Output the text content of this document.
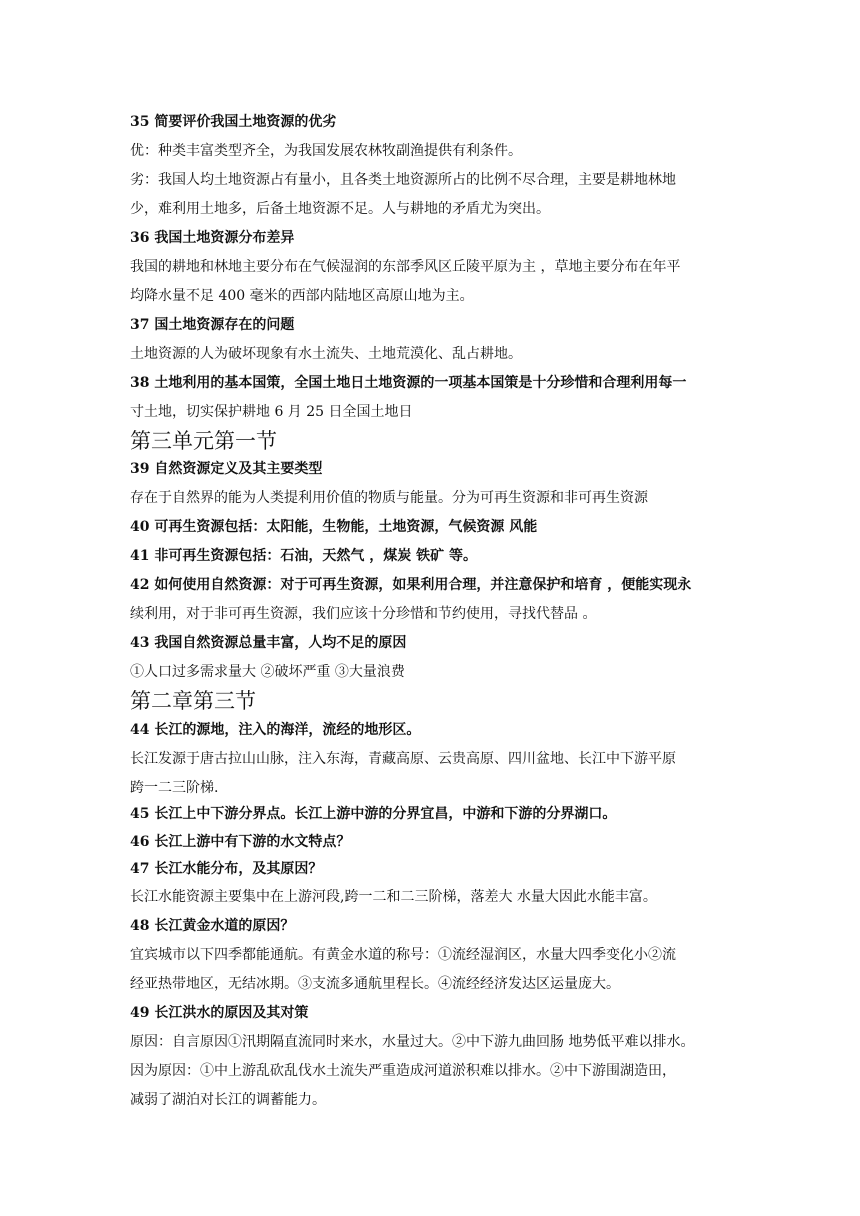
35 简要评价我国土地资源的优劣
优：种类丰富类型齐全，为我国发展农林牧副渔提供有利条件。
劣：我国人均土地资源占有量小，且各类土地资源所占的比例不尽合理，主要是耕地林地
少，难利用土地多，后备土地资源不足。人与耕地的矛盾尤为突出。
36 我国土地资源分布差异
我国的耕地和林地主要分布在气候湿润的东部季风区丘陵平原为主 ，草地主要分布在年平
均降水量不足 400 毫米的西部内陆地区高原山地为主。
37 国土地资源存在的问题
土地资源的人为破坏现象有水土流失、土地荒漠化、乱占耕地。
38 土地利用的基本国策，全国土地日土地资源的一项基本国策是十分珍惜和合理利用每一
寸土地，切实保护耕地 6 月 25 日全国土地日
第三单元第一节
39 自然资源定义及其主要类型
存在于自然界的能为人类提利用价值的物质与能量。分为可再生资源和非可再生资源
40 可再生资源包括：太阳能，生物能，土地资源，气候资源 风能
41 非可再生资源包括：石油，天然气 ，煤炭 铁矿 等。
42 如何使用自然资源：对于可再生资源，如果利用合理，并注意保护和培育 ，便能实现永
续利用，对于非可再生资源，我们应该十分珍惜和节约使用，寻找代替品 。
43 我国自然资源总量丰富，人均不足的原因
①人口过多需求量大 ②破坏严重 ③大量浪费
第二章第三节
44 长江的源地，注入的海洋，流经的地形区。
长江发源于唐古拉山山脉，注入东海，青藏高原、云贵高原、四川盆地、长江中下游平原
跨一二三阶梯.
45 长江上中下游分界点。长江上游中游的分界宜昌，中游和下游的分界湖口。
46 长江上游中有下游的水文特点？
47 长江水能分布，及其原因？
长江水能资源主要集中在上游河段,跨一二和二三阶梯，落差大 水量大因此水能丰富。
48 长江黄金水道的原因？
宜宾城市以下四季都能通航。有黄金水道的称号：①流经湿润区，水量大四季变化小②流
经亚热带地区，无结冰期。③支流多通航里程长。④流经经济发达区运量庞大。
49 长江洪水的原因及其对策
原因：自言原因①汛期隔直流同时来水，水量过大。②中下游九曲回肠 地势低平难以排水。
因为原因：①中上游乱砍乱伐水土流失严重造成河道淤积难以排水。②中下游围湖造田，
减弱了湖泊对长江的调蓄能力。
